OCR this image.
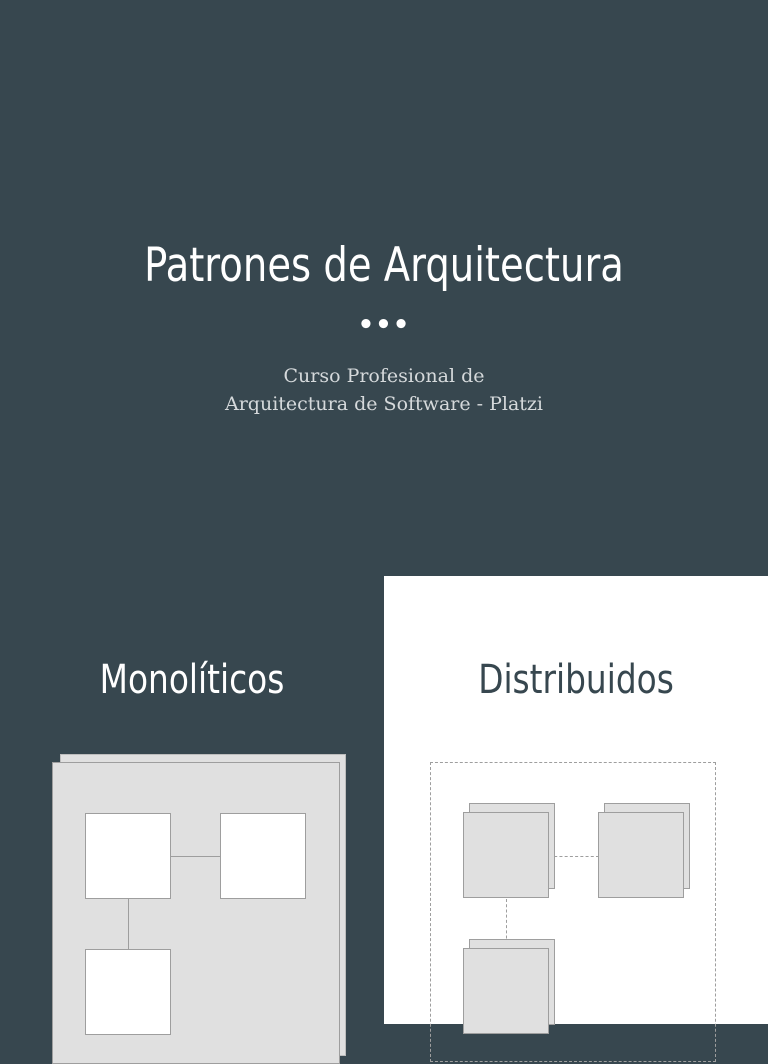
Patrones de Arquitectura
•••
Curso Profesional de
Arquitectura de Software - Platzi
Monolíticos	Distribuidos
